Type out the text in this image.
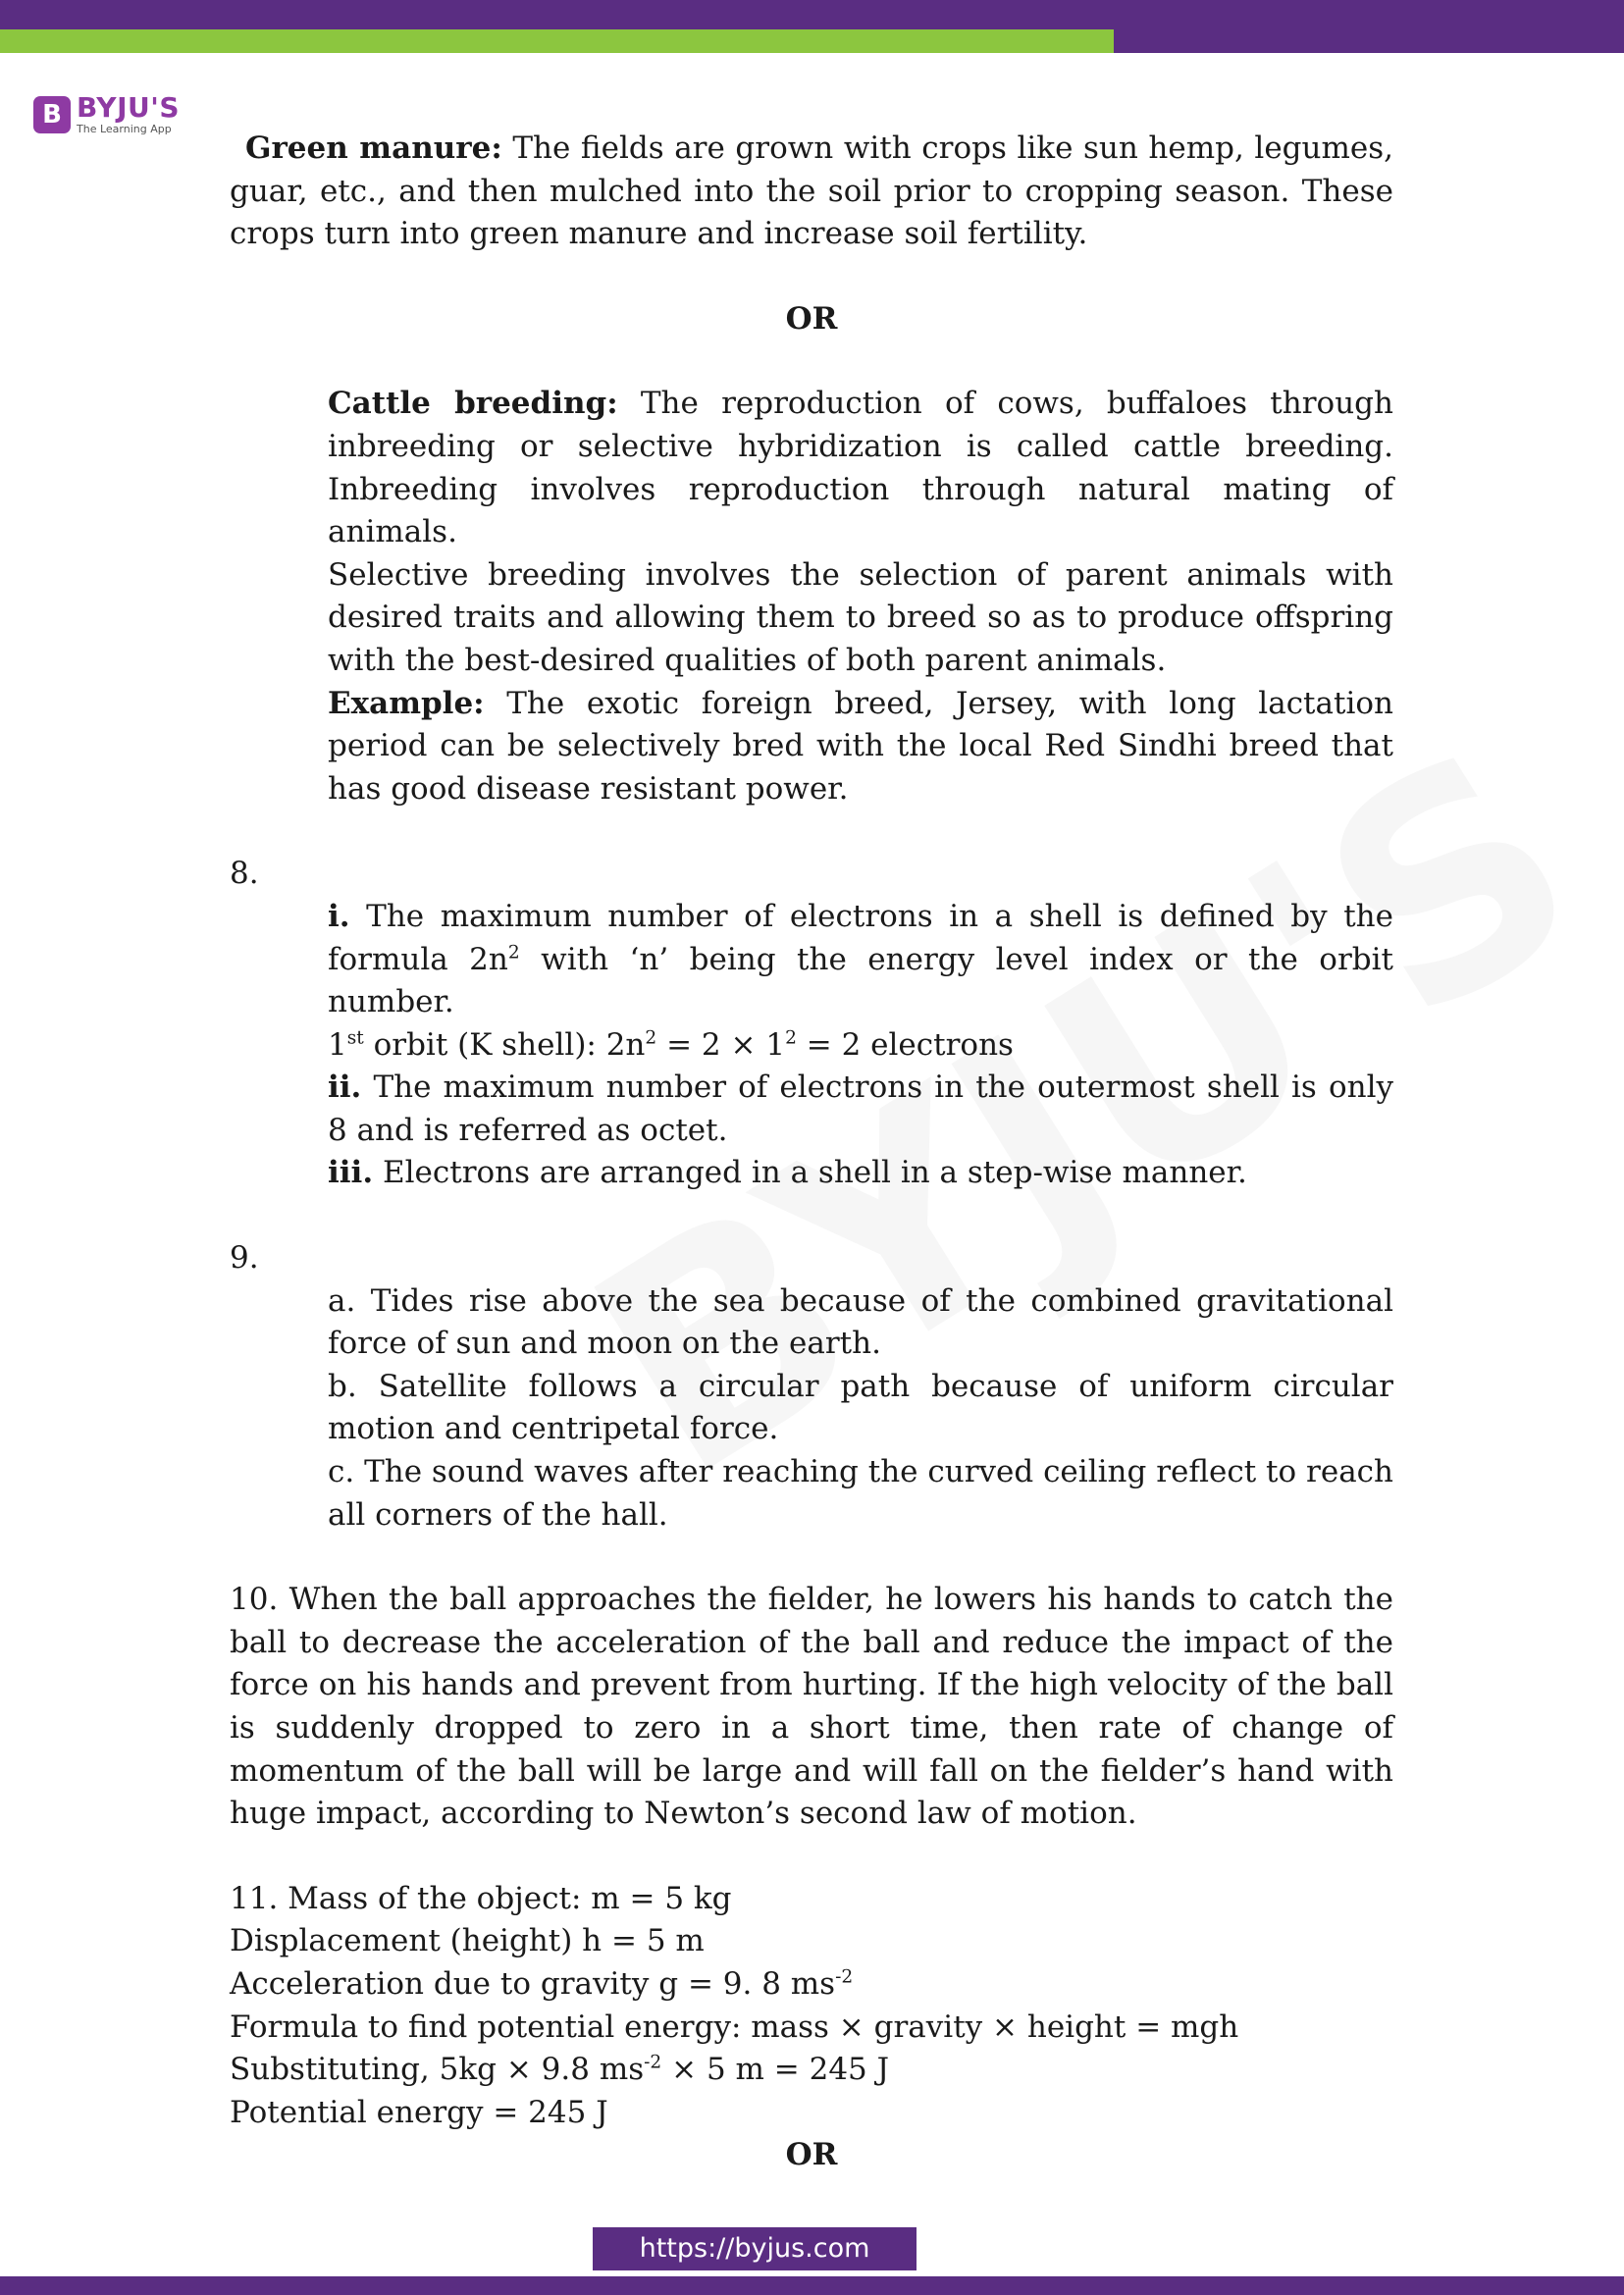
B BYJU'S
The Learning App

Green manure: The fields are grown with crops like sun hemp, legumes, guar, etc., and then mulched into the soil prior to cropping season. These crops turn into green manure and increase soil fertility.

OR

Cattle breeding: The reproduction of cows, buffaloes through inbreeding or selective hybridization is called cattle breeding. Inbreeding involves reproduction through natural mating of animals.

Selective breeding involves the selection of parent animals with desired traits and allowing them to breed so as to produce offspring with the best-desired qualities of both parent animals.

Example: The exotic foreign breed, Jersey, with long lactation period can be selectively bred with the local Red Sindhi breed that has good disease resistant power.

8.

i. The maximum number of electrons in a shell is defined by the formula $2n^2$ with ‘n’ being the energy level index or the orbit number.

1st orbit (K shell): $2n^2 = 2 \times 1^2 = 2$ electrons

ii. The maximum number of electrons in the outermost shell is only 8 and is referred as octet.

iii. Electrons are arranged in a shell in a step-wise manner.

9.

a. Tides rise above the sea because of the combined gravitational force of sun and moon on the earth.

b. Satellite follows a circular path because of uniform circular motion and centripetal force.

c. The sound waves after reaching the curved ceiling reflect to reach all corners of the hall.

10. When the ball approaches the fielder, he lowers his hands to catch the ball to decrease the acceleration of the ball and reduce the impact of the force on his hands and prevent from hurting. If the high velocity of the ball is suddenly dropped to zero in a short time, then rate of change of momentum of the ball will be large and will fall on the fielder’s hand with huge impact, according to Newton’s second law of motion.

11. Mass of the object: m = 5 kg

Displacement (height) h = 5 m

Acceleration due to gravity g = 9. 8 $ms^{-2}$

Formula to find potential energy: mass × gravity × height = mgh

Substituting, 5kg × 9.8 $ms^{-2} \times 5$ m = 245 J

Potential energy = 245 J

OR

https://byjus.com
